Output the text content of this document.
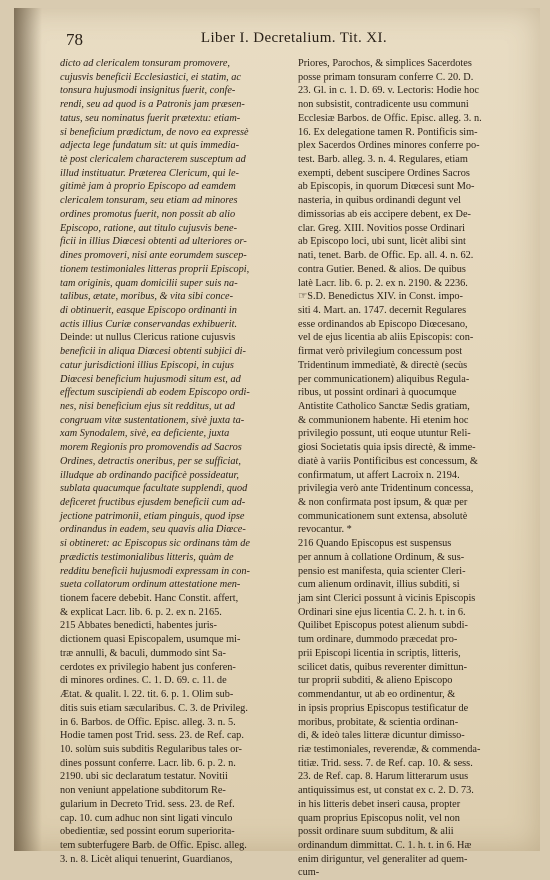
78	Liber I. Decretalium. Tit. XI.
dicto ad clericalem tonsuram promovere,
cujusvis beneficii Ecclesiastici, ei statim, ac
tonsura hujusmodi insignitus fuerit, confe-
rendi, seu ad quod is a Patronis jam præsen-
tatus, seu nominatus fuerit prætextu: etiam-
si beneficium prædictum, de novo ea expressè
adjecta lege fundatum sit: ut quis immedia-
tè post clericalem characterem susceptum ad
illud instituatur. Præterea Clericum, qui le-
gitimè jam à proprio Episcopo ad eamdem
clericalem tonsuram, seu etiam ad minores
ordines promotus fuerit, non possit ab alio
Episcopo, ratione, aut titulo cujusvis bene-
ficii in illius Diœcesi obtenti ad ulteriores or-
dines promoveri, nisi ante eorumdem suscep-
tionem testimoniales litteras proprii Episcopi,
tam originis, quam domicilii super suis na-
talibus, ætate, moribus, & vita sibi conce-
di obtinuerit, easque Episcopo ordinanti in
actis illius Curiæ conservandas exhibuerit.
Deinde: ut nullus Clericus ratione cujusvis
beneficii in aliqua Diœcesi obtenti subjici di-
catur jurisdictioni illius Episcopi, in cujus
Diœcesi beneficium hujusmodi situm est, ad
effectum suscipiendi ab eodem Episcopo ordi-
nes, nisi beneficium ejus sit redditus, ut ad
congruam vitæ sustentationem, sivè juxta ta-
xam Synodalem, sivè, ea deficiente, juxta
morem Regionis pro promovendis ad Sacros
Ordines, detractis oneribus, per se sufficiat,
illudque ab ordinando pacificè possideatur,
sublata quacumque facultate supplendi, quod
deficeret fructibus ejusdem beneficii cum ad-
jectione patrimonii, etiam pinguis, quod ipse
ordinandus in eadem, seu quavis alia Diœce-
si obtineret: ac Episcopus sic ordinans tàm de
prædictis testimonialibus litteris, quàm de
redditu beneficii hujusmodi expressam in con-
sueta collatorum ordinum attestatione men-
tionem facere debebit. Hanc Constit. affert,
& explicat Lacr. lib. 6. p. 2. ex n. 2165.
215 Abbates benedicti, habentes juris-
dictionem quasi Episcopalem, usumque mi-
træ annulli, & baculi, dummodo sint Sa-
cerdotes ex privilegio habent jus conferen-
di minores ordines. C. 1. D. 69. c. 11. de
Ætat. & qualit. l. 22. tit. 6. p. 1. Olim sub-
ditis suis etiam sæcularibus. C. 3. de Privileg.
in 6. Barbos. de Offic. Episc. alleg. 3. n. 5.
Hodie tamen post Trid. sess. 23. de Ref. cap.
10. solùm suis subditis Regularibus tales or-
dines possunt conferre. Lacr. lib. 6. p. 2. n.
2190. ubi sic declaratum testatur. Novitii
non veniunt appelatione subditorum Re-
gularium in Decreto Trid. sess. 23. de Ref.
cap. 10. cum adhuc non sint ligati vinculo
obedientiæ, sed possint eorum superiorita-
tem subterfugere Barb. de Offic. Episc. alleg.
3. n. 8. Licèt aliqui tenuerint, Guardianos,
Priores, Parochos, & simplices Sacerdotes
posse primam tonsuram conferre C. 20. D.
23. Gl. in c. 1. D. 69. v. Lectoris: Hodie hoc
non subsistit, contradicente usu communi
Ecclesiæ Barbos. de Offic. Episc. alleg. 3. n.
16. Ex delegatione tamen R. Pontificis sim-
plex Sacerdos Ordines minores conferre po-
test. Barb. alleg. 3. n. 4. Regulares, etiam
exempti, debent suscipere Ordines Sacros
ab Episcopis, in quorum Diœcesi sunt Mo-
nasteria, in quibus ordinandi degunt vel
dimissorias ab eis accipere debent, ex De-
clar. Greg. XIII. Novitios posse Ordinari
ab Episcopo loci, ubi sunt, licèt alibi sint
nati, tenet. Barb. de Offic. Ep. all. 4. n. 62.
contra Gutier. Bened. & alios. De quibus
latè Lacr. lib. 6. p. 2. ex n. 2190. & 2236.
☞S.D. Benedictus XIV. in Const. impo-
siti 4. Mart. an. 1747. decernit Regulares
esse ordinandos ab Episcopo Diœcesano,
vel de ejus licentia ab aliis Episcopis: con-
firmat verò privilegium concessum post
Tridentinum immediatè, & directè (secùs
per communicationem) aliquibus Regula-
ribus, ut possint ordinari à quocumque
Antistite Catholico Sanctæ Sedis gratiam,
& communionem habente. Hi etenim hoc
privilegio possunt, uti eoque utuntur Reli-
giosi Societatis quia ipsis directè, & imme-
diatè à variis Pontificibus est concessum, &
confirmatum, ut affert Lacroix n. 2194.
privilegia verò ante Tridentinum concessa,
& non confirmata post ipsum, & quæ per
communicationem sunt extensa, absolutè
revocantur. *
216 Quando Episcopus est suspensus
per annum à collatione Ordinum, & sus-
pensio est manifesta, quia scienter Cleri-
cum alienum ordinavit, illius subditi, si
jam sint Clerici possunt à vicinis Episcopis
Ordinari sine ejus licentia C. 2. h. t. in 6.
Quilibet Episcopus potest alienum subdi-
tum ordinare, dummodo præcedat pro-
prii Episcopi licentia in scriptis, litteris,
scilicet datis, quibus reverenter dimittun-
tur proprii subditi, & alieno Episcopo
commendantur, ut ab eo ordinentur, &
in ipsis proprius Episcopus testificatur de
moribus, probitate, & scientia ordinan-
di, & ideò tales litteræ dicuntur dimisso-
riæ testimoniales, reverendæ, & commenda-
titiæ. Trid. sess. 7. de Ref. cap. 10. & sess.
23. de Ref. cap. 8. Harum litterarum usus
antiquissimus est, ut constat ex c. 2. D. 73.
in his litteris debet inseri causa, propter
quam proprius Episcopus nolit, vel non
possit ordinare suum subditum, & alii
ordinandum dimmittat. C. 1. h. t. in 6. Hæ
enim diriguntur, vel generaliter ad quem-
cum-
